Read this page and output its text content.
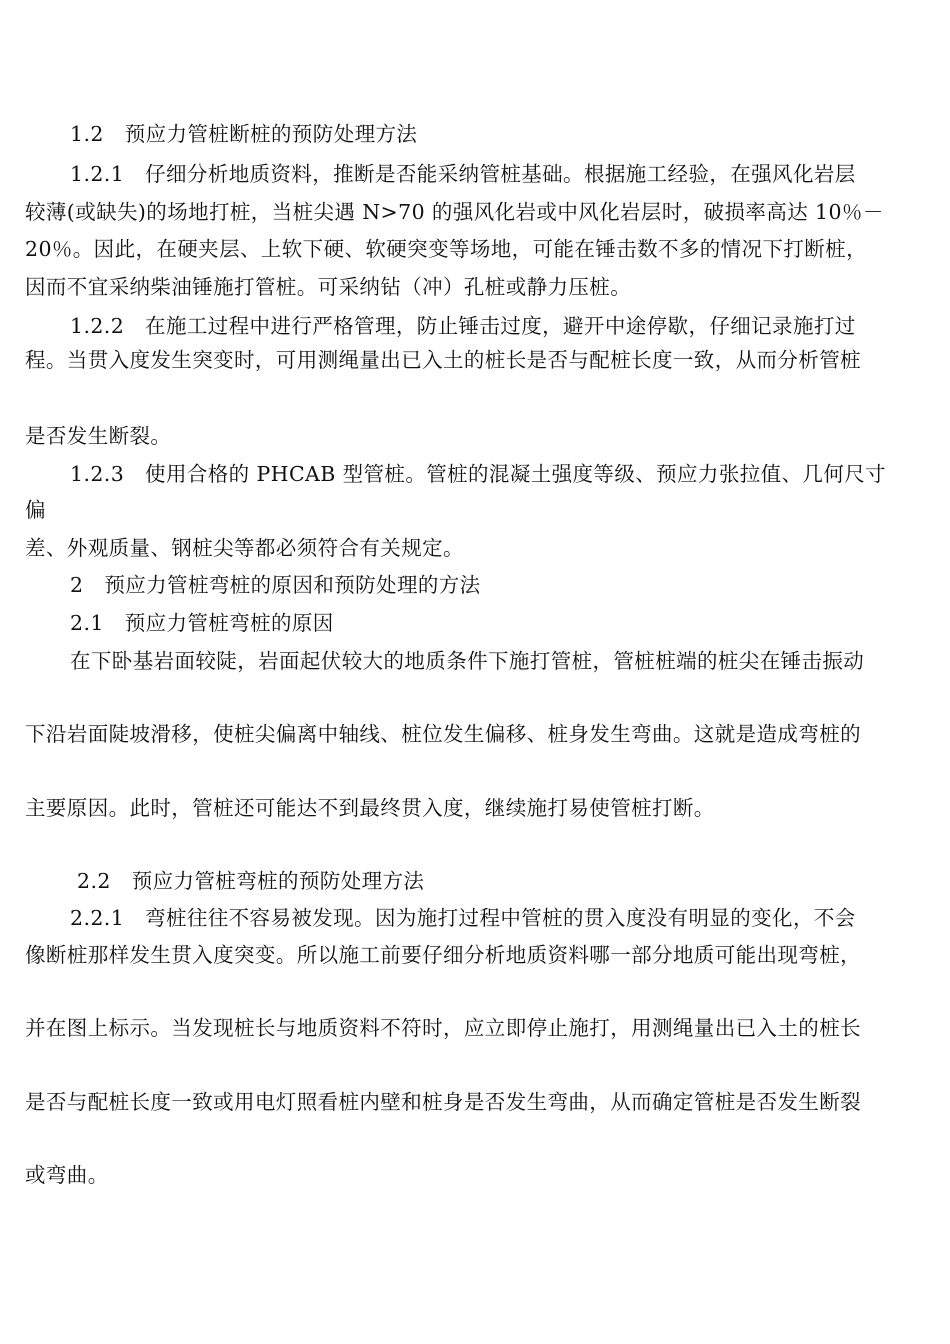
1.2　预应力管桩断桩的预防处理方法
1.2.1　仔细分析地质资料，推断是否能采纳管桩基础。根据施工经验，在强风化岩层
较薄(或缺失)的场地打桩，当桩尖遇 N>70 的强风化岩或中风化岩层时，破损率高达 10％－
20％。因此，在硬夹层、上软下硬、软硬突变等场地，可能在锤击数不多的情况下打断桩，
因而不宜采纳柴油锤施打管桩。可采纳钻（冲）孔桩或静力压桩。
1.2.2　在施工过程中进行严格管理，防止锤击过度，避开中途停歇，仔细记录施打过
程。当贯入度发生突变时，可用测绳量出已入土的桩长是否与配桩长度一致，从而分析管桩
是否发生断裂。
1.2.3　使用合格的 PHCAB 型管桩。管桩的混凝土强度等级、预应力张拉值、几何尺寸
偏
差、外观质量、钢桩尖等都必须符合有关规定。
2　预应力管桩弯桩的原因和预防处理的方法
2.1　预应力管桩弯桩的原因
在下卧基岩面较陡，岩面起伏较大的地质条件下施打管桩，管桩桩端的桩尖在锤击振动
下沿岩面陡坡滑移，使桩尖偏离中轴线、桩位发生偏移、桩身发生弯曲。这就是造成弯桩的
主要原因。此时，管桩还可能达不到最终贯入度，继续施打易使管桩打断。
2.2　预应力管桩弯桩的预防处理方法
2.2.1　弯桩往往不容易被发现。因为施打过程中管桩的贯入度没有明显的变化，不会
像断桩那样发生贯入度突变。所以施工前要仔细分析地质资料哪一部分地质可能出现弯桩，
并在图上标示。当发现桩长与地质资料不符时，应立即停止施打，用测绳量出已入土的桩长
是否与配桩长度一致或用电灯照看桩内壁和桩身是否发生弯曲，从而确定管桩是否发生断裂
或弯曲。
